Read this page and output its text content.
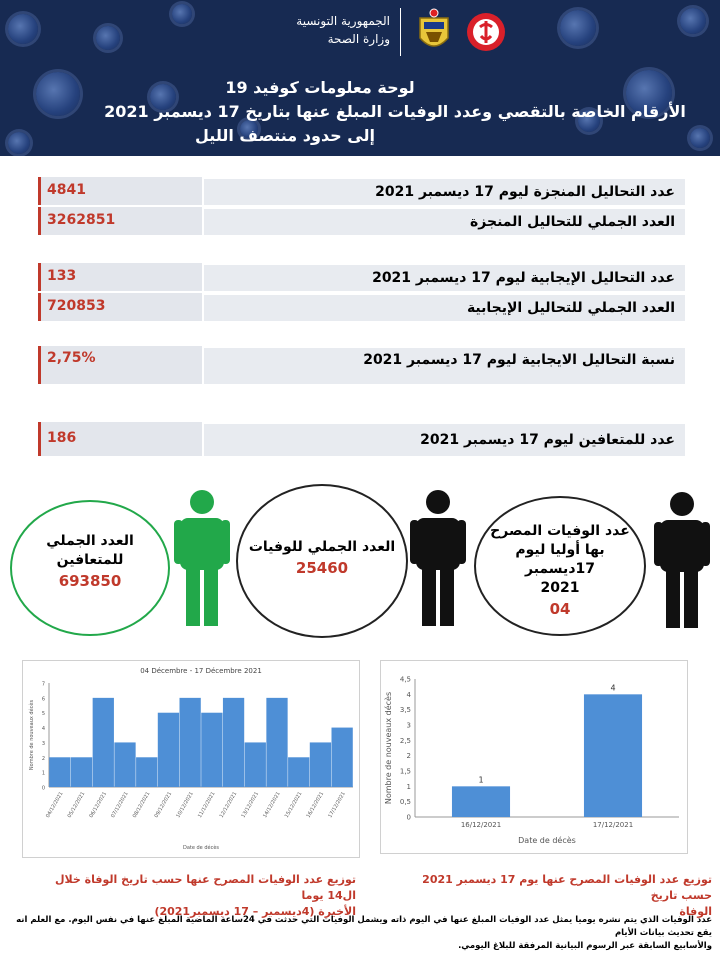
الجمهورية التونسية
وزارة الصحة
لوحة معلومات كوفيد 19
الأرقام الخاصة بالتقصي وعدد الوفيات المبلغ عنها بتاريخ 17 ديسمبر 2021
إلى حدود منتصف الليل
عدد التحاليل المنجزة ليوم 17 ديسمبر 2021
4841
العدد الجملي للتحاليل المنجزة
3262851
عدد التحاليل الإيجابية ليوم 17 ديسمبر 2021
133
العدد الجملي للتحاليل الإيجابية
720853
نسبة التحاليل الايجابية ليوم 17 ديسمبر 2021
2,75%
عدد للمتعافين ليوم 17 ديسمبر 2021
186
العدد الجملي للمتعافين
693850
العدد الجملي للوفيات
25460
عدد الوفيات المصرح
بها أوليا ليوم
17ديسمبر
2021
04
04 Décembre - 17 Décembre 2021
0
1
2
3
4
5
6
7
Nombre de nouveaux décès
04/12/2021 05/12/2021 06/12/2021 07/12/2021 08/12/2021 09/12/2021 10/12/2021 11/12/2021 12/12/2021 13/12/2021 14/12/2021 15/12/2021 16/12/2021 17/12/2021
Date de décès
0
0,5
1
1,5
2
2,5
3
3,5
4
4,5
Nombre de nouveaux décès	1
16/12/2021
4
17/12/2021
Date de décès
توزيع عدد الوفيات المصرح عنها حسب تاريخ الوفاة خلال ال14 يوما
الأخيرة (4ديسمبر – 17 ديسمبر2021)
توزيع عدد الوفيات المصرح عنها يوم 17 ديسمبر 2021 حسب تاريخ
الوفاة
عدد الوفيات الذي يتم نشره يوميا يمثل عدد الوفيات المبلغ عنها في اليوم ذاته ويشمل الوفيات التي حدثت في 24ساعة الماضية المبلغ عنها في نفس اليوم. مع العلم انه يقع تحديث بيانات الأيام
والأسابيع السابقة عبر الرسوم البيانية المرفقة للبلاغ اليومي.
